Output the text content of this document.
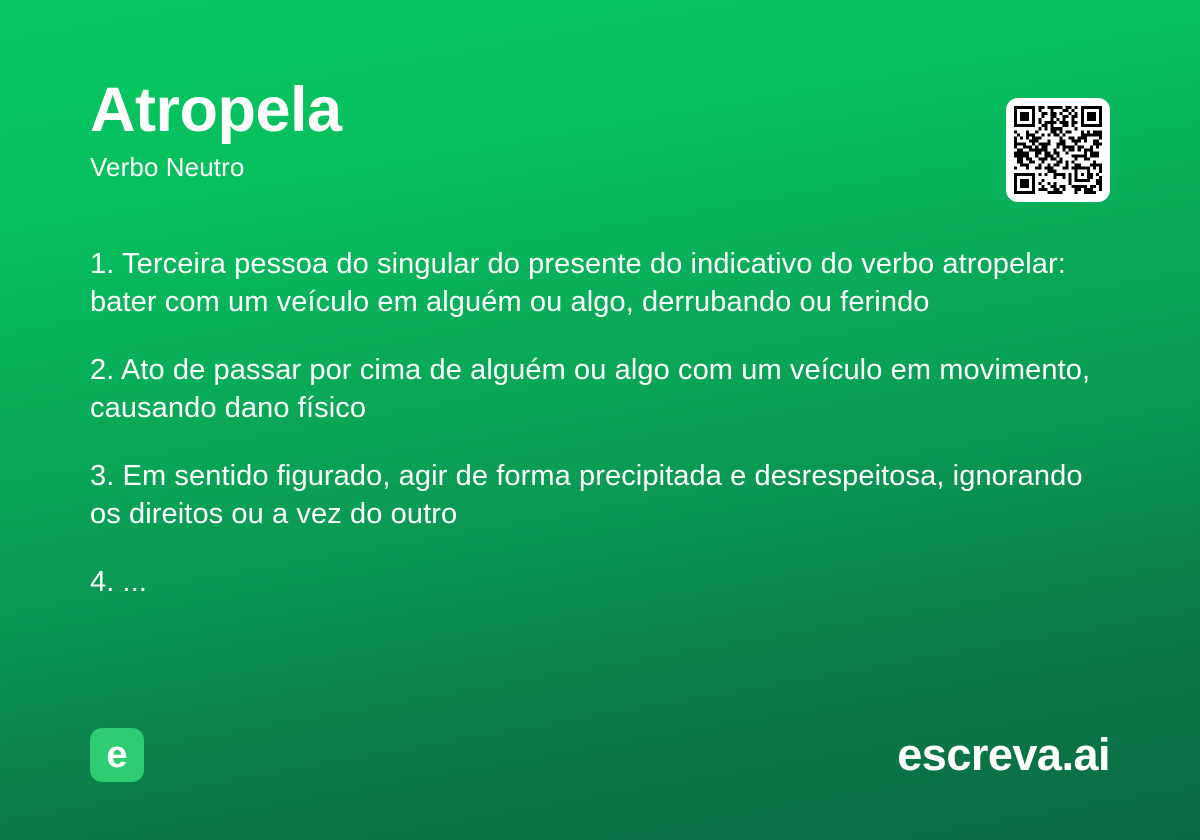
Atropela
Verbo Neutro

1. Terceira pessoa do singular do presente do indicativo do verbo atropelar: bater com um veículo em alguém ou algo, derrubando ou ferindo

2. Ato de passar por cima de alguém ou algo com um veículo em movimento, causando dano físico

3. Em sentido figurado, agir de forma precipitada e desrespeitosa, ignorando os direitos ou a vez do outro

4. ...

e	escreva.ai
